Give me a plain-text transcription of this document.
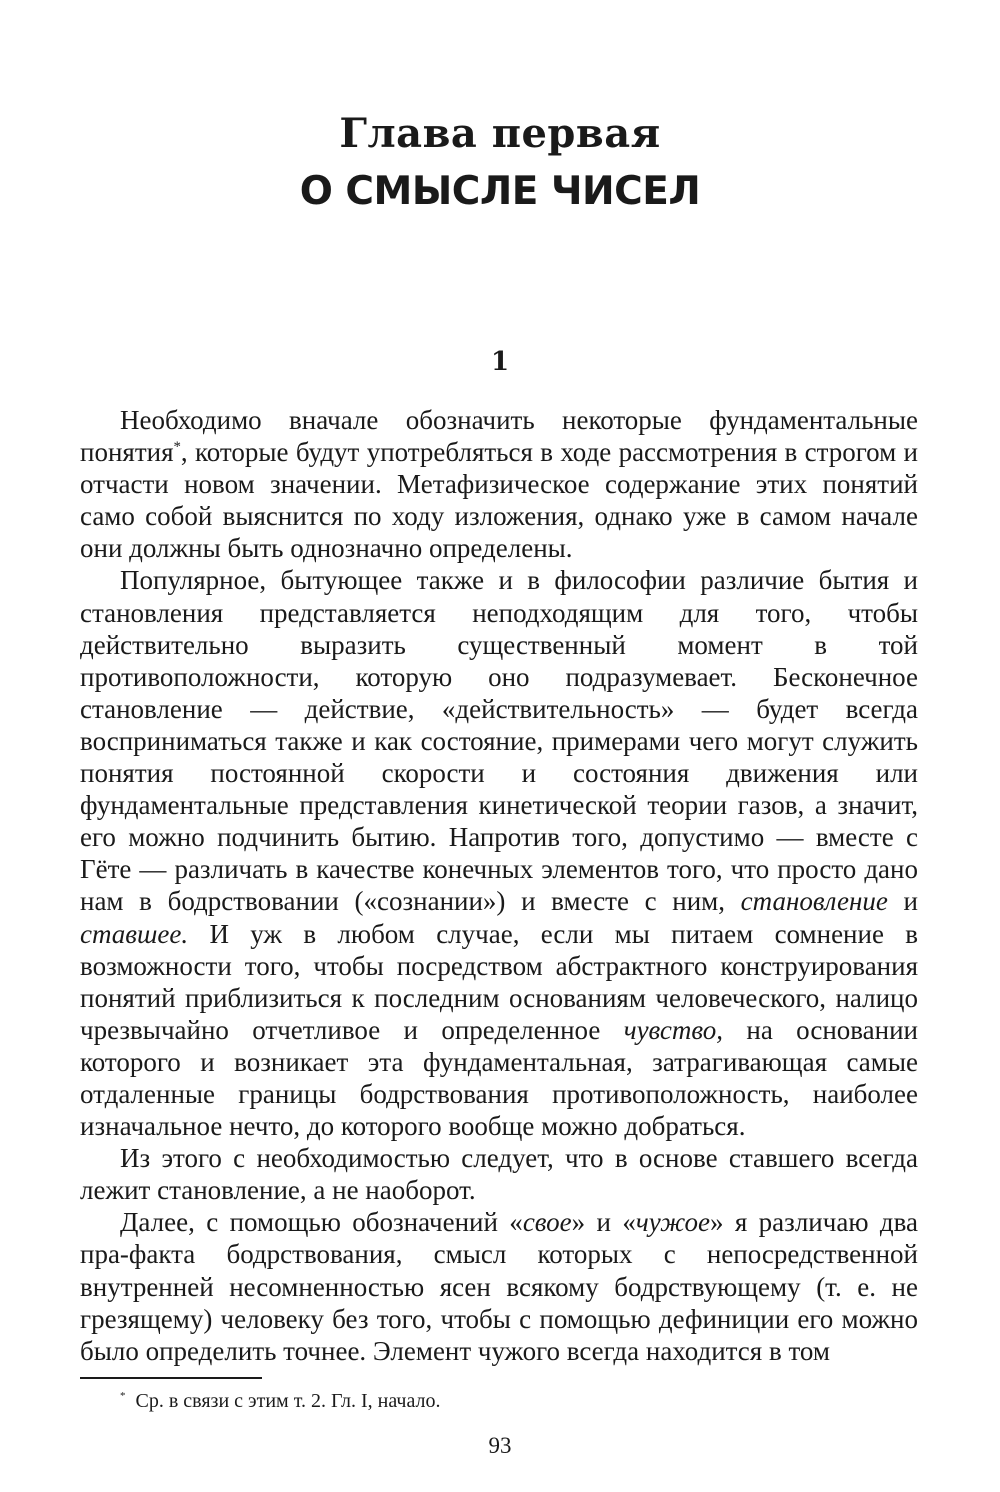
Глава первая
О СМЫСЛЕ ЧИСЕЛ
1

Необходимо вначале обозначить некоторые фундаментальные понятия*, которые будут употребляться в ходе рассмотрения в строгом и отчасти новом значении. Метафизическое содержание этих понятий само собой выяснится по ходу изложения, однако уже в самом начале они должны быть однозначно определены.

Популярное, бытующее также и в философии различие бытия и становления представляется неподходящим для того, чтобы действительно выразить существенный момент в той противоположности, которую оно подразумевает. Бесконечное становление — действие, «действительность» — будет всегда восприниматься также и как состояние, примерами чего могут служить понятия постоянной скорости и состояния движения или фундаментальные представления кинетической теории газов, а значит, его можно подчинить бытию. Напротив того, допустимо — вместе с Гёте — различать в качестве конечных элементов того, что просто дано нам в бодрствовании («сознании») и вместе с ним, становление и ставшее. И уж в любом случае, если мы питаем сомнение в возможности того, чтобы посредством абстрактного конструирования понятий приблизиться к последним основаниям человеческого, налицо чрезвычайно отчетливое и определенное чувство, на основании которого и возникает эта фундаментальная, затрагивающая самые отдаленные границы бодрствования противоположность, наиболее изначальное нечто, до которого вообще можно добраться.

Из этого с необходимостью следует, что в основе ставшего всегда лежит становление, а не наоборот.

Далее, с помощью обозначений «свое» и «чужое» я различаю два пра-факта бодрствования, смысл которых с непосредственной внутренней несомненностью ясен всякому бодрствующему (т. е. не грезящему) человеку без того, чтобы с помощью дефиниции его можно было определить точнее. Элемент чужого всегда находится в том

* Ср. в связи с этим т. 2. Гл. I, начало.
93
